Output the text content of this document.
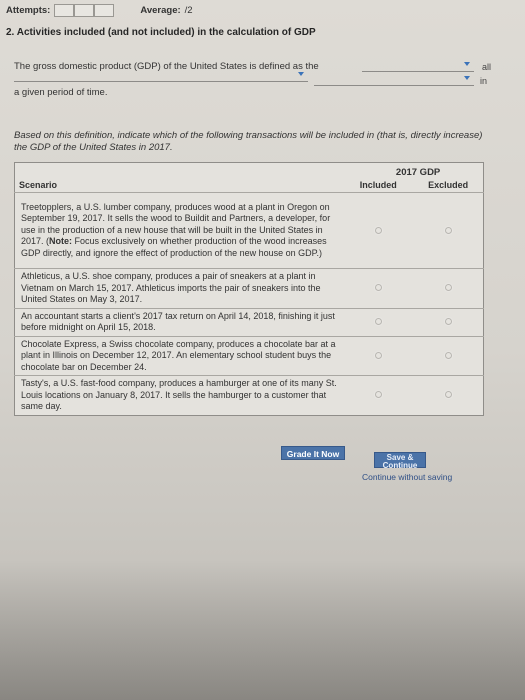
Attempts:	Average: /2
2. Activities included (and not included) in the calculation of GDP
The gross domestic product (GDP) of the United States is defined as the	all
in
a given period of time.
Based on this definition, indicate which of the following transactions will be included in (that is, directly increase) the GDP of the United States in 2017.
	2017 GDP	
Scenario	Included	Excluded
Treetopplers, a U.S. lumber company, produces wood at a plant in Oregon on September 19, 2017. It sells the wood to Buildit and Partners, a developer, for use in the production of a new house that will be built in the United States in 2017. (Note: Focus exclusively on whether production of the wood increases GDP directly, and ignore the effect of production of the new house on GDP.)		
Athleticus, a U.S. shoe company, produces a pair of sneakers at a plant in Vietnam on March 15, 2017. Athleticus imports the pair of sneakers into the United States on May 3, 2017.		
An accountant starts a client's 2017 tax return on April 14, 2018, finishing it just before midnight on April 15, 2018.		
Chocolate Express, a Swiss chocolate company, produces a chocolate bar at a plant in Illinois on December 12, 2017. An elementary school student buys the chocolate bar on December 24.		
Tasty's, a U.S. fast-food company, produces a hamburger at one of its many St. Louis locations on January 8, 2017. It sells the hamburger to a customer that same day.		
Grade It Now	Save & Continue
Continue without saving
